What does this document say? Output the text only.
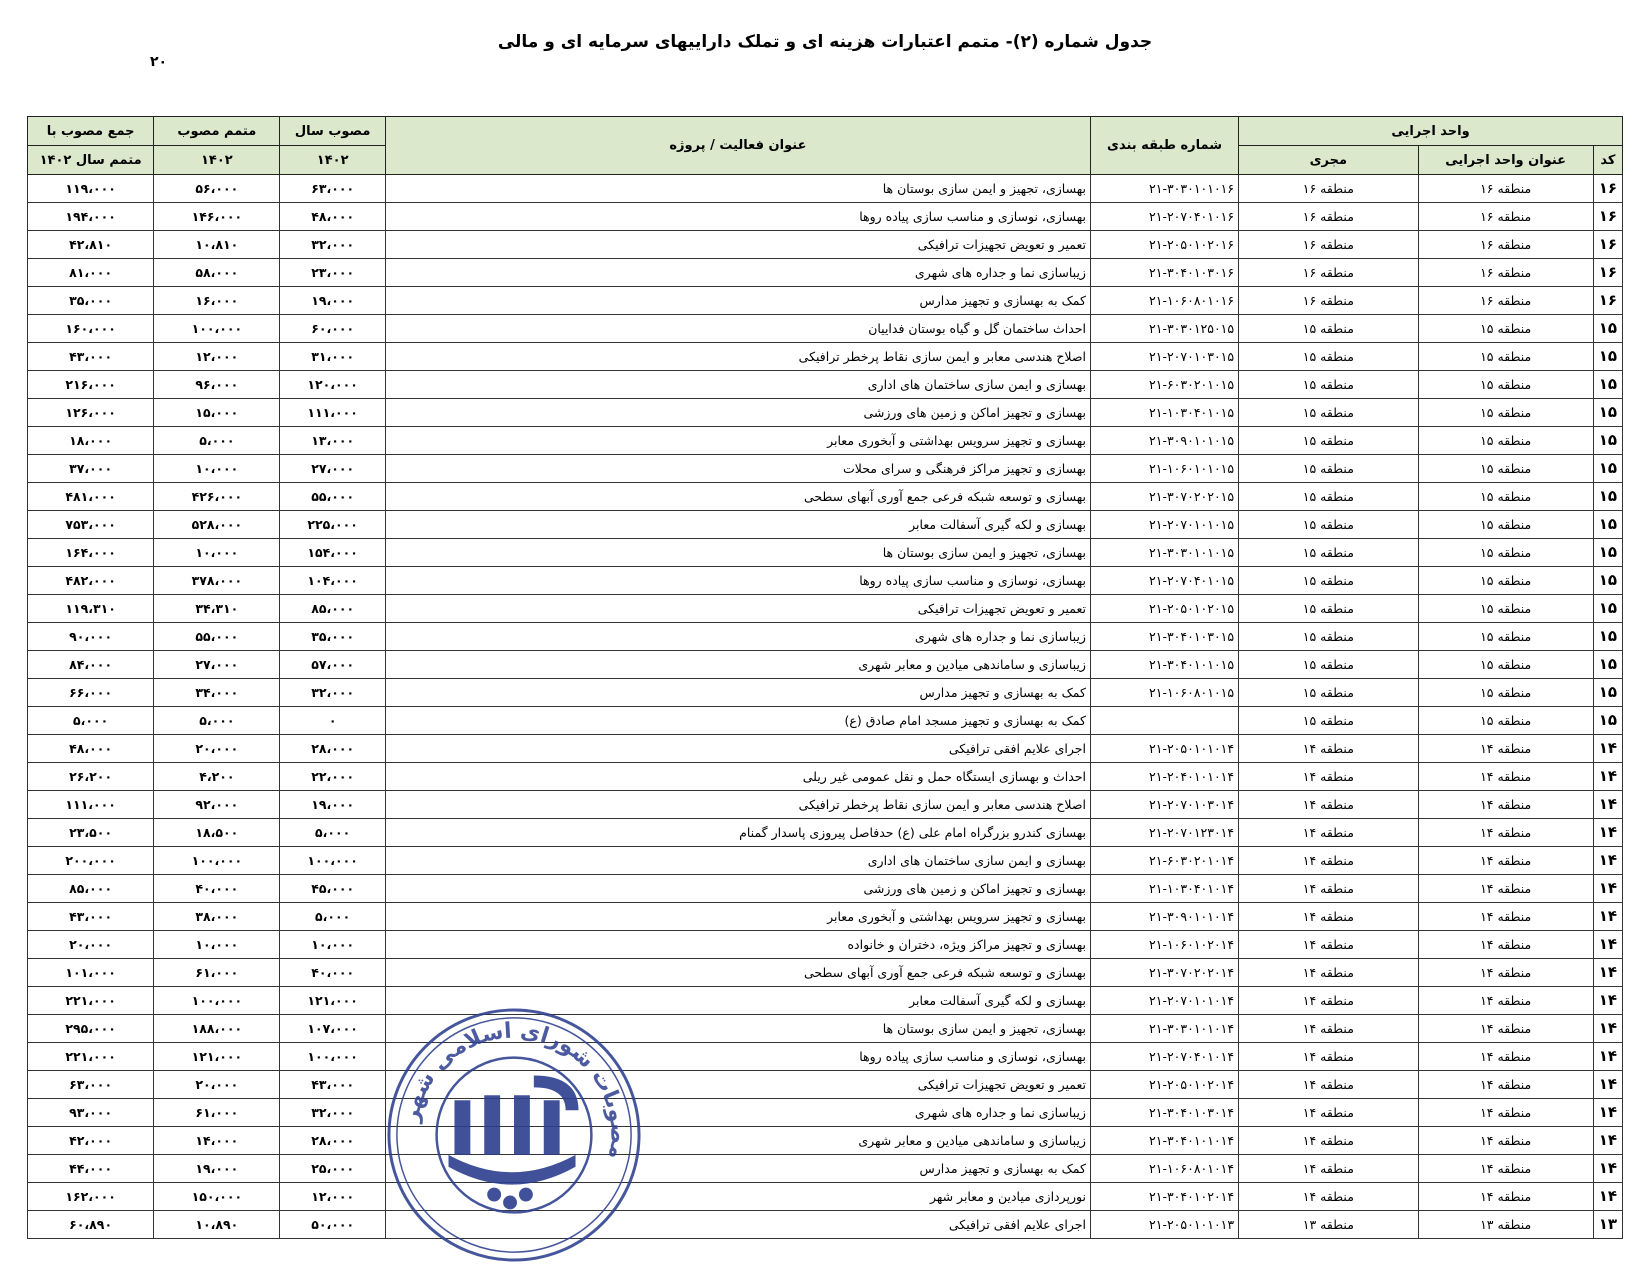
جدول شماره (۲)- متمم اعتبارات هزینه ای و تملک داراییهای سرمایه ای و مالی
۲۰
واحد اجرایی			شماره طبقه بندی	عنوان فعالیت / پروژه	مصوب سال	متمم مصوب	جمع مصوب با
کد	عنوان واحد اجرایی	مجری			۱۴۰۲	۱۴۰۲	متمم سال ۱۴۰۲
۱۶	منطقه ۱۶	منطقه ۱۶	۲۱-۳۰۳۰۱۰۱۰۱۶	بهسازی، تجهیز و ایمن سازی بوستان ها	۶۳،۰۰۰	۵۶،۰۰۰	۱۱۹،۰۰۰
۱۶	منطقه ۱۶	منطقه ۱۶	۲۱-۲۰۷۰۴۰۱۰۱۶	بهسازی، نوسازی و مناسب سازی پیاده روها	۴۸،۰۰۰	۱۴۶،۰۰۰	۱۹۴،۰۰۰
۱۶	منطقه ۱۶	منطقه ۱۶	۲۱-۲۰۵۰۱۰۲۰۱۶	تعمیر و تعویض تجهیزات ترافیکی	۳۲،۰۰۰	۱۰،۸۱۰	۴۲،۸۱۰
۱۶	منطقه ۱۶	منطقه ۱۶	۲۱-۳۰۴۰۱۰۳۰۱۶	زیباسازی نما و جداره های شهری	۲۳،۰۰۰	۵۸،۰۰۰	۸۱،۰۰۰
۱۶	منطقه ۱۶	منطقه ۱۶	۲۱-۱۰۶۰۸۰۱۰۱۶	کمک به بهسازی و تجهیز مدارس	۱۹،۰۰۰	۱۶،۰۰۰	۳۵،۰۰۰
۱۵	منطقه ۱۵	منطقه ۱۵	۲۱-۳۰۳۰۱۲۵۰۱۵	احداث ساختمان گل و گیاه بوستان فداییان	۶۰،۰۰۰	۱۰۰،۰۰۰	۱۶۰،۰۰۰
۱۵	منطقه ۱۵	منطقه ۱۵	۲۱-۲۰۷۰۱۰۳۰۱۵	اصلاح هندسی معابر و ایمن سازی نقاط پرخطر ترافیکی	۳۱،۰۰۰	۱۲،۰۰۰	۴۳،۰۰۰
۱۵	منطقه ۱۵	منطقه ۱۵	۲۱-۶۰۳۰۲۰۱۰۱۵	بهسازی و ایمن سازی ساختمان های اداری	۱۲۰،۰۰۰	۹۶،۰۰۰	۲۱۶،۰۰۰
۱۵	منطقه ۱۵	منطقه ۱۵	۲۱-۱۰۳۰۴۰۱۰۱۵	بهسازی و تجهیز اماکن و زمین های ورزشی	۱۱۱،۰۰۰	۱۵،۰۰۰	۱۲۶،۰۰۰
۱۵	منطقه ۱۵	منطقه ۱۵	۲۱-۳۰۹۰۱۰۱۰۱۵	بهسازی و تجهیز سرویس بهداشتی و آبخوری معابر	۱۳،۰۰۰	۵،۰۰۰	۱۸،۰۰۰
۱۵	منطقه ۱۵	منطقه ۱۵	۲۱-۱۰۶۰۱۰۱۰۱۵	بهسازی و تجهیز مراکز فرهنگی و سرای محلات	۲۷،۰۰۰	۱۰،۰۰۰	۳۷،۰۰۰
۱۵	منطقه ۱۵	منطقه ۱۵	۲۱-۳۰۷۰۲۰۲۰۱۵	بهسازی و توسعه شبکه فرعی جمع آوری آبهای سطحی	۵۵،۰۰۰	۴۲۶،۰۰۰	۴۸۱،۰۰۰
۱۵	منطقه ۱۵	منطقه ۱۵	۲۱-۲۰۷۰۱۰۱۰۱۵	بهسازی و لکه گیری آسفالت معابر	۲۲۵،۰۰۰	۵۲۸،۰۰۰	۷۵۳،۰۰۰
۱۵	منطقه ۱۵	منطقه ۱۵	۲۱-۳۰۳۰۱۰۱۰۱۵	بهسازی، تجهیز و ایمن سازی بوستان ها	۱۵۴،۰۰۰	۱۰،۰۰۰	۱۶۴،۰۰۰
۱۵	منطقه ۱۵	منطقه ۱۵	۲۱-۲۰۷۰۴۰۱۰۱۵	بهسازی، نوسازی و مناسب سازی پیاده روها	۱۰۴،۰۰۰	۳۷۸،۰۰۰	۴۸۲،۰۰۰
۱۵	منطقه ۱۵	منطقه ۱۵	۲۱-۲۰۵۰۱۰۲۰۱۵	تعمیر و تعویض تجهیزات ترافیکی	۸۵،۰۰۰	۳۴،۳۱۰	۱۱۹،۳۱۰
۱۵	منطقه ۱۵	منطقه ۱۵	۲۱-۳۰۴۰۱۰۳۰۱۵	زیباسازی نما و جداره های شهری	۳۵،۰۰۰	۵۵،۰۰۰	۹۰،۰۰۰
۱۵	منطقه ۱۵	منطقه ۱۵	۲۱-۳۰۴۰۱۰۱۰۱۵	زیباسازی و ساماندهی میادین و معابر شهری	۵۷،۰۰۰	۲۷،۰۰۰	۸۴،۰۰۰
۱۵	منطقه ۱۵	منطقه ۱۵	۲۱-۱۰۶۰۸۰۱۰۱۵	کمک به بهسازی و تجهیز مدارس	۳۲،۰۰۰	۳۴،۰۰۰	۶۶،۰۰۰
۱۵	منطقه ۱۵	منطقه ۱۵		کمک به بهسازی و تجهیز مسجد امام صادق (ع)	۰	۵،۰۰۰	۵،۰۰۰
۱۴	منطقه ۱۴	منطقه ۱۴	۲۱-۲۰۵۰۱۰۱۰۱۴	اجرای علایم افقی ترافیکی	۲۸،۰۰۰	۲۰،۰۰۰	۴۸،۰۰۰
۱۴	منطقه ۱۴	منطقه ۱۴	۲۱-۲۰۴۰۱۰۱۰۱۴	احداث و بهسازی ایستگاه حمل و نقل عمومی غیر ریلی	۲۲،۰۰۰	۴،۲۰۰	۲۶،۲۰۰
۱۴	منطقه ۱۴	منطقه ۱۴	۲۱-۲۰۷۰۱۰۳۰۱۴	اصلاح هندسی معابر و ایمن سازی نقاط پرخطر ترافیکی	۱۹،۰۰۰	۹۲،۰۰۰	۱۱۱،۰۰۰
۱۴	منطقه ۱۴	منطقه ۱۴	۲۱-۲۰۷۰۱۲۳۰۱۴	بهسازی کندرو بزرگراه امام علی (ع) حدفاصل پیروزی پاسدار گمنام	۵،۰۰۰	۱۸،۵۰۰	۲۳،۵۰۰
۱۴	منطقه ۱۴	منطقه ۱۴	۲۱-۶۰۳۰۲۰۱۰۱۴	بهسازی و ایمن سازی ساختمان های اداری	۱۰۰،۰۰۰	۱۰۰،۰۰۰	۲۰۰،۰۰۰
۱۴	منطقه ۱۴	منطقه ۱۴	۲۱-۱۰۳۰۴۰۱۰۱۴	بهسازی و تجهیز اماکن و زمین های ورزشی	۴۵،۰۰۰	۴۰،۰۰۰	۸۵،۰۰۰
۱۴	منطقه ۱۴	منطقه ۱۴	۲۱-۳۰۹۰۱۰۱۰۱۴	بهسازی و تجهیز سرویس بهداشتی و آبخوری معابر	۵،۰۰۰	۳۸،۰۰۰	۴۳،۰۰۰
۱۴	منطقه ۱۴	منطقه ۱۴	۲۱-۱۰۶۰۱۰۲۰۱۴	بهسازی و تجهیز مراکز ویژه، دختران و خانواده	۱۰،۰۰۰	۱۰،۰۰۰	۲۰،۰۰۰
۱۴	منطقه ۱۴	منطقه ۱۴	۲۱-۳۰۷۰۲۰۲۰۱۴	بهسازی و توسعه شبکه فرعی جمع آوری آبهای سطحی	۴۰،۰۰۰	۶۱،۰۰۰	۱۰۱،۰۰۰
۱۴	منطقه ۱۴	منطقه ۱۴	۲۱-۲۰۷۰۱۰۱۰۱۴	بهسازی و لکه گیری آسفالت معابر	۱۲۱،۰۰۰	۱۰۰،۰۰۰	۲۲۱،۰۰۰
۱۴	منطقه ۱۴	منطقه ۱۴	۲۱-۳۰۳۰۱۰۱۰۱۴	بهسازی، تجهیز و ایمن سازی بوستان ها	۱۰۷،۰۰۰	۱۸۸،۰۰۰	۲۹۵،۰۰۰
۱۴	منطقه ۱۴	منطقه ۱۴	۲۱-۲۰۷۰۴۰۱۰۱۴	بهسازی، نوسازی و مناسب سازی پیاده روها	۱۰۰،۰۰۰	۱۲۱،۰۰۰	۲۲۱،۰۰۰
۱۴	منطقه ۱۴	منطقه ۱۴	۲۱-۲۰۵۰۱۰۲۰۱۴	تعمیر و تعویض تجهیزات ترافیکی	۴۳،۰۰۰	۲۰،۰۰۰	۶۳،۰۰۰
۱۴	منطقه ۱۴	منطقه ۱۴	۲۱-۳۰۴۰۱۰۳۰۱۴	زیباسازی نما و جداره های شهری	۳۲،۰۰۰	۶۱،۰۰۰	۹۳،۰۰۰
۱۴	منطقه ۱۴	منطقه ۱۴	۲۱-۳۰۴۰۱۰۱۰۱۴	زیباسازی و ساماندهی میادین و معابر شهری	۲۸،۰۰۰	۱۴،۰۰۰	۴۲،۰۰۰
۱۴	منطقه ۱۴	منطقه ۱۴	۲۱-۱۰۶۰۸۰۱۰۱۴	کمک به بهسازی و تجهیز مدارس	۲۵،۰۰۰	۱۹،۰۰۰	۴۴،۰۰۰
۱۴	منطقه ۱۴	منطقه ۱۴	۲۱-۳۰۴۰۱۰۲۰۱۴	نورپردازی میادین و معابر شهر	۱۲،۰۰۰	۱۵۰،۰۰۰	۱۶۲،۰۰۰
۱۳	منطقه ۱۳	منطقه ۱۳	۲۱-۲۰۵۰۱۰۱۰۱۳	اجرای علایم افقی ترافیکی	۵۰،۰۰۰	۱۰،۸۹۰	۶۰،۸۹۰
مصوبات شورای اسلامی شهر
